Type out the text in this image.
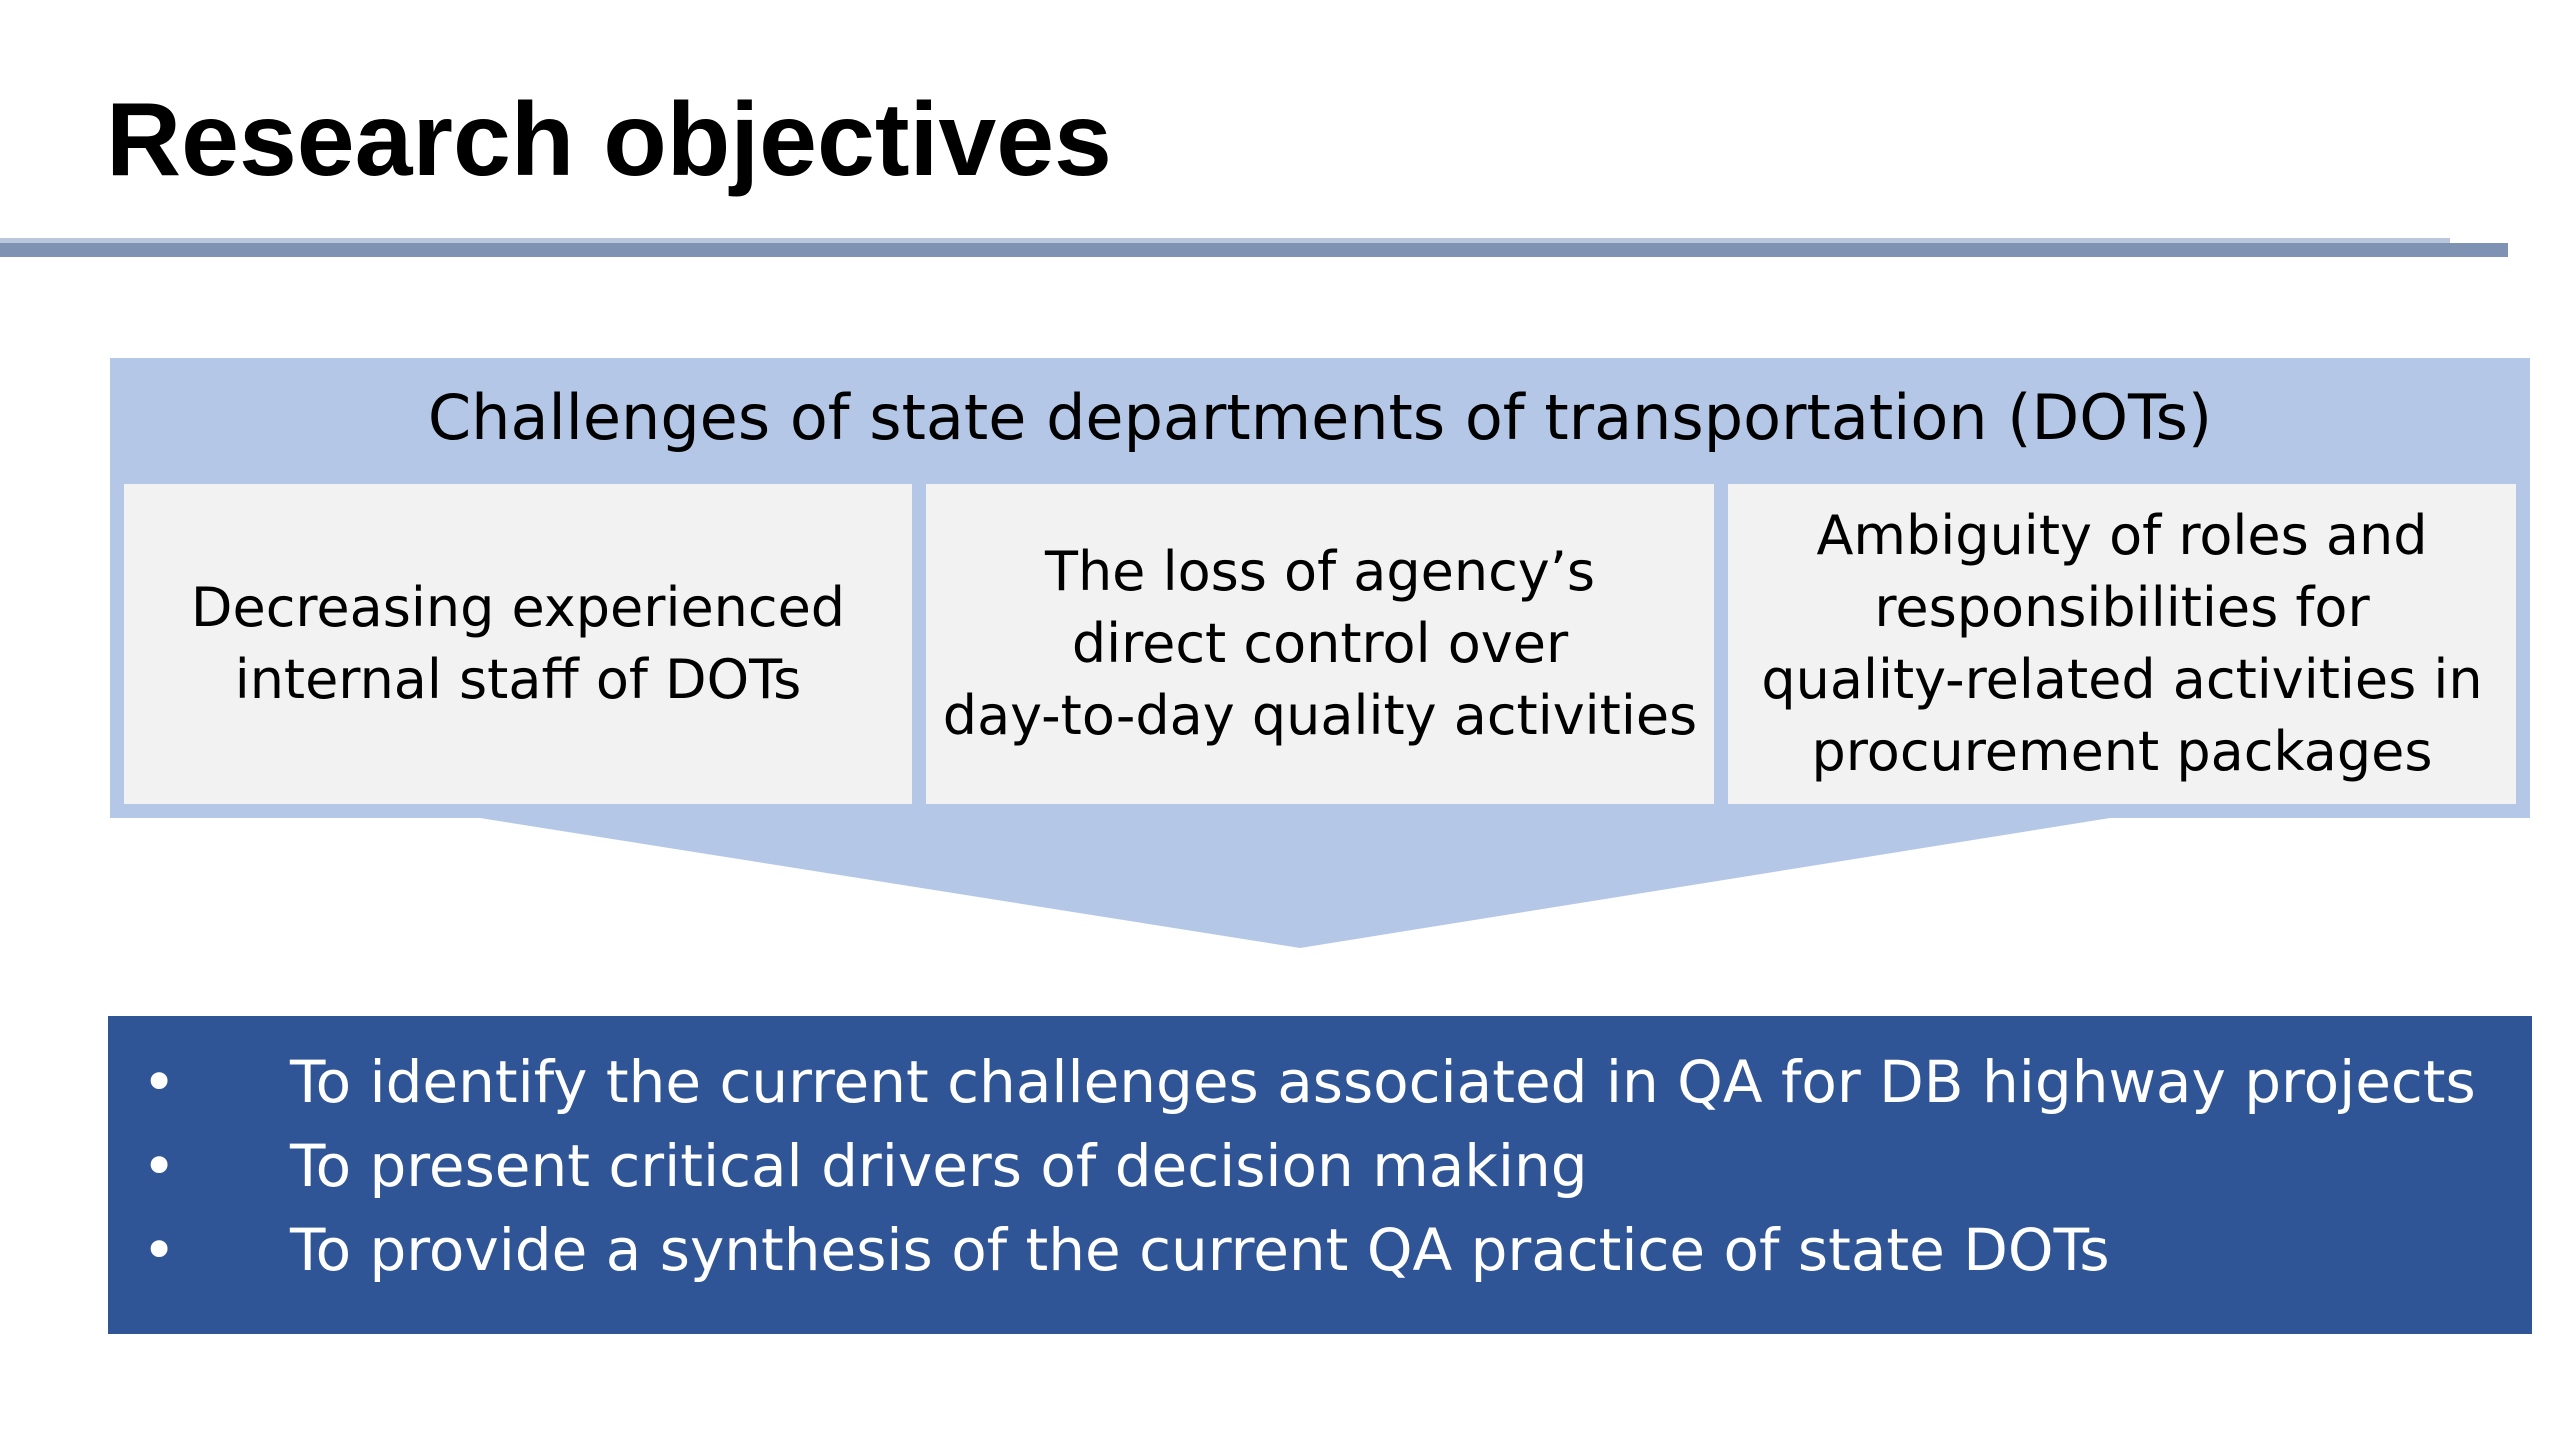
Research objectives
Challenges of state departments of transportation (DOTs)
Decreasing experienced
internal staff of DOTs
The loss of agency’s
direct control over
day-to-day quality activities
Ambiguity of roles and
responsibilities for
quality-related activities in
procurement packages
• To identify the current challenges associated in QA for DB highway projects
• To present critical drivers of decision making
• To provide a synthesis of the current QA practice of state DOTs
